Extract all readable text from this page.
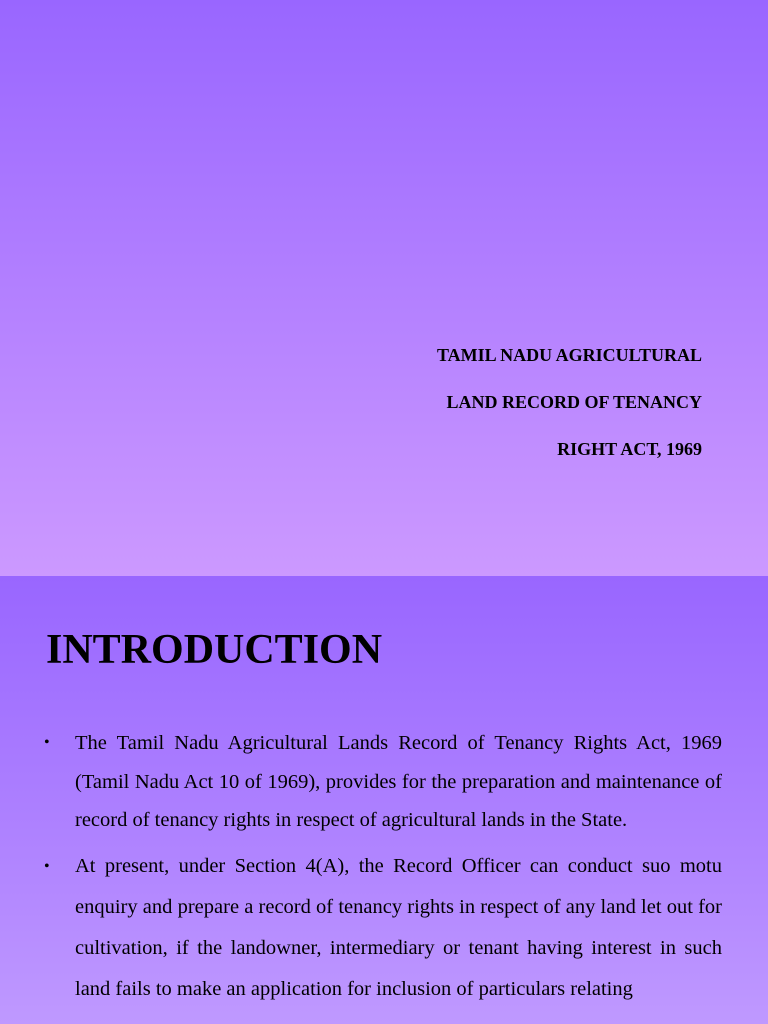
TAMIL NADU AGRICULTURAL
LAND RECORD OF TENANCY
RIGHT ACT, 1969
INTRODUCTION
• The Tamil Nadu Agricultural Lands Record of Tenancy Rights Act, 1969 (Tamil Nadu Act 10 of 1969), provides for the preparation and maintenance of record of tenancy rights in respect of agricultural lands in the State.
• At present, under Section 4(A), the Record Officer can conduct suo motu enquiry and prepare a record of tenancy rights in respect of any land let out for cultivation, if the landowner, intermediary or tenant having interest in such land fails to make an application for inclusion of particulars relating
